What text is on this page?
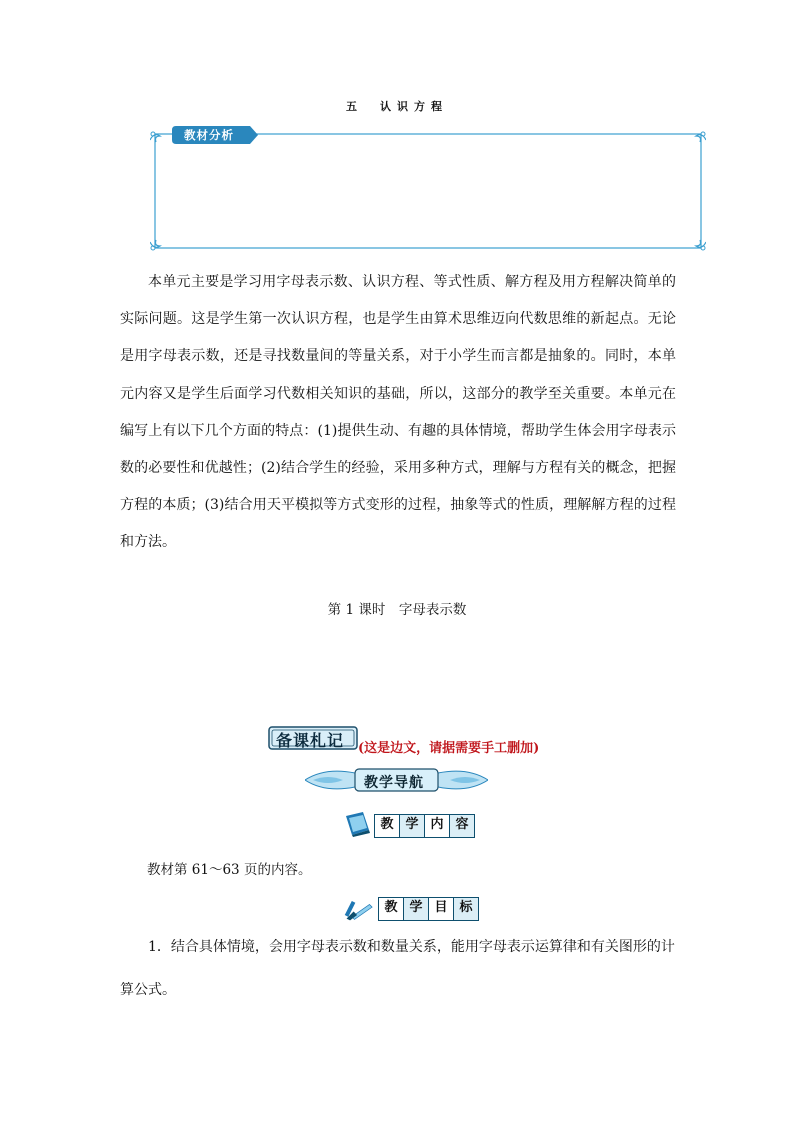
五　认识方程
教材分析

本单元主要是学习用字母表示数、认识方程、等式性质、解方程及用方程解决简单的实际问题。这是学生第一次认识方程，也是学生由算术思维迈向代数思维的新起点。无论是用字母表示数，还是寻找数量间的等量关系，对于小学生而言都是抽象的。同时，本单元内容又是学生后面学习代数相关知识的基础，所以，这部分的教学至关重要。本单元在编写上有以下几个方面的特点：(1)提供生动、有趣的具体情境，帮助学生体会用字母表示数的必要性和优越性；(2)结合学生的经验，采用多种方式，理解与方程有关的概念，把握方程的本质；(3)结合用天平模拟等方式变形的过程，抽象等式的性质，理解解方程的过程和方法。

第 1 课时　字母表示数
备课札记 (这是边文，请据需要手工删加)
教学导航
教 学 内 容
教材第 61～63 页的内容。
教 学 目 标

1．结合具体情境，会用字母表示数和数量关系，能用字母表示运算律和有关图形的计算公式。
